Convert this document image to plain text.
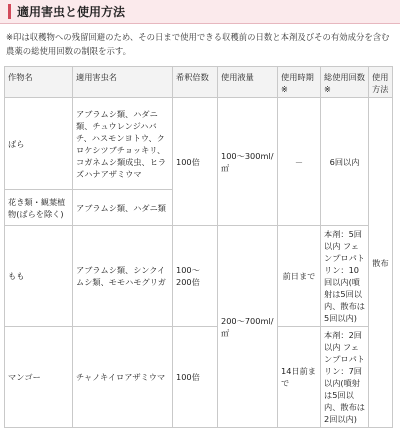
適用害虫と使用方法

※印は収穫物への残留回避のため、その日まで使用できる収穫前の日数と本剤及びその有効成分を含む農薬の総使用回数の制限を示す。

作物名	適用害虫名	希釈倍数	使用液量	使用時期※	総使用回数※	使用方法
ばら	アブラムシ類、ハダニ類、チュウレンジハバチ、ハスモンヨトウ、クロケシツブチョッキリ、コガネムシ類成虫、ヒラズハナアザミウマ	100倍	100～300ml/㎡	－	6回以内	散布
花き類・観葉植物(ばらを除く)	アブラムシ類、ハダニ類					
もも	アブラムシ類、シンクイムシ類、モモハモグリガ	100～200倍	200～700ml/㎡	前日まで	本剤：5回以内 フェンプロパトリン：10回以内(噴射は5回以内、散布は5回以内)	
マンゴー	チャノキイロアザミウマ	100倍		14日前まで	本剤：2回以内 フェンプロパトリン：7回以内(噴射は5回以内、散布は2回以内)	
